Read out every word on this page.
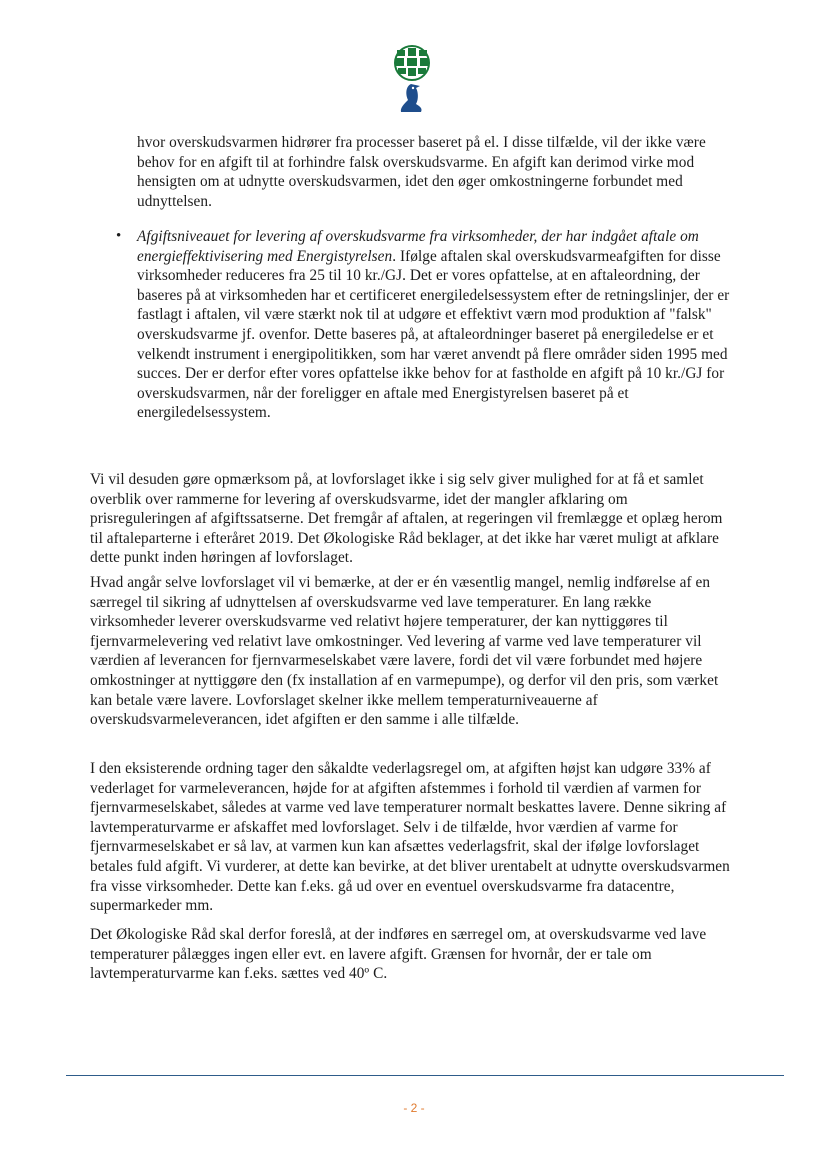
hvor overskudsvarmen hidrører fra processer baseret på el. I disse tilfælde, vil der ikke være behov for en afgift til at forhindre falsk overskudsvarme. En afgift kan derimod virke mod hensigten om at udnytte overskudsvarmen, idet den øger omkostningerne forbundet med udnyttelsen.

• Afgiftsniveauet for levering af overskudsvarme fra virksomheder, der har indgået aftale om energieffektivisering med Energistyrelsen. Ifølge aftalen skal overskudsvarmeafgiften for disse virksomheder reduceres fra 25 til 10 kr./GJ. Det er vores opfattelse, at en aftaleordning, der baseres på at virksomheden har et certificeret energiledelsessystem efter de retningslinjer, der er fastlagt i aftalen, vil være stærkt nok til at udgøre et effektivt værn mod produktion af "falsk" overskudsvarme jf. ovenfor. Dette baseres på, at aftaleordninger baseret på energiledelse er et velkendt instrument i energipolitikken, som har været anvendt på flere områder siden 1995 med succes. Der er derfor efter vores opfattelse ikke behov for at fastholde en afgift på 10 kr./GJ for overskudsvarmen, når der foreligger en aftale med Energistyrelsen baseret på et energiledelsessystem.

Vi vil desuden gøre opmærksom på, at lovforslaget ikke i sig selv giver mulighed for at få et samlet overblik over rammerne for levering af overskudsvarme, idet der mangler afklaring om prisreguleringen af afgiftssatserne. Det fremgår af aftalen, at regeringen vil fremlægge et oplæg herom til aftaleparterne i efteråret 2019. Det Økologiske Råd beklager, at det ikke har været muligt at afklare dette punkt inden høringen af lovforslaget.

Hvad angår selve lovforslaget vil vi bemærke, at der er én væsentlig mangel, nemlig indførelse af en særregel til sikring af udnyttelsen af overskudsvarme ved lave temperaturer. En lang række virksomheder leverer overskudsvarme ved relativt højere temperaturer, der kan nyttiggøres til fjernvarmelevering ved relativt lave omkostninger. Ved levering af varme ved lave temperaturer vil værdien af leverancen for fjernvarmeselskabet være lavere, fordi det vil være forbundet med højere omkostninger at nyttiggøre den (fx installation af en varmepumpe), og derfor vil den pris, som værket kan betale være lavere. Lovforslaget skelner ikke mellem temperaturniveauerne af overskudsvarmeleverancen, idet afgiften er den samme i alle tilfælde.

I den eksisterende ordning tager den såkaldte vederlagsregel om, at afgiften højst kan udgøre 33% af vederlaget for varmeleverancen, højde for at afgiften afstemmes i forhold til værdien af varmen for fjernvarmeselskabet, således at varme ved lave temperaturer normalt beskattes lavere. Denne sikring af lavtemperaturvarme er afskaffet med lovforslaget. Selv i de tilfælde, hvor værdien af varme for fjernvarmeselskabet er så lav, at varmen kun kan afsættes vederlagsfrit, skal der ifølge lovforslaget betales fuld afgift. Vi vurderer, at dette kan bevirke, at det bliver urentabelt at udnytte overskudsvarmen fra visse virksomheder. Dette kan f.eks. gå ud over en eventuel overskudsvarme fra datacentre, supermarkeder mm.

Det Økologiske Råd skal derfor foreslå, at der indføres en særregel om, at overskudsvarme ved lave temperaturer pålægges ingen eller evt. en lavere afgift. Grænsen for hvornår, der er tale om lavtemperaturvarme kan f.eks. sættes ved 40º C.

- 2 -
